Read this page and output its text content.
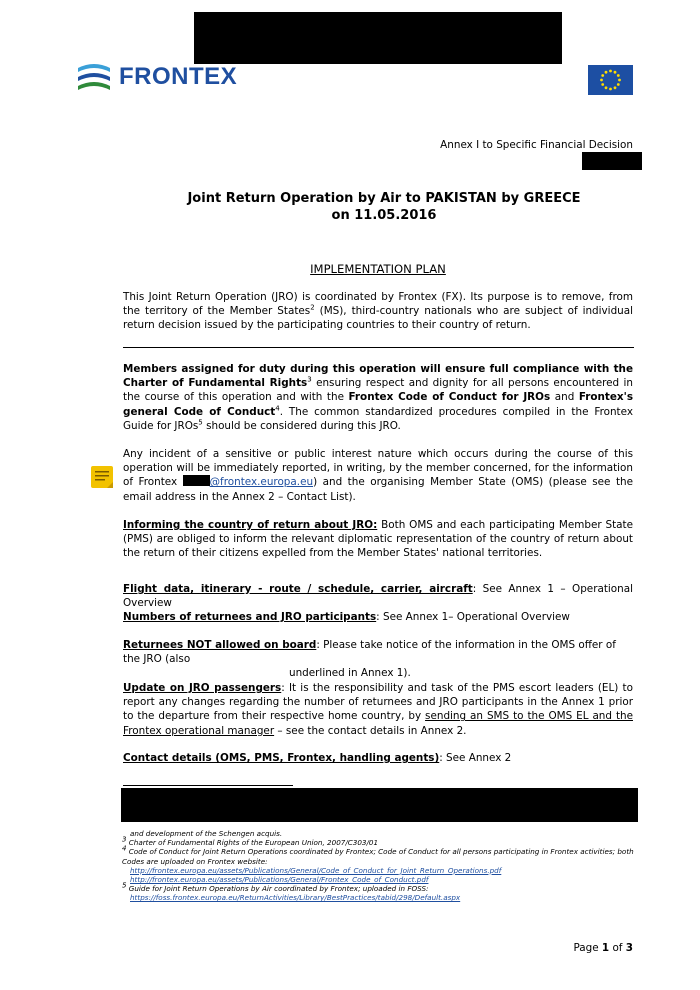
FRONTEX
Annex I to Specific Financial Decision
Joint Return Operation by Air to PAKISTAN by GREECE
on 11.05.2016
IMPLEMENTATION PLAN
This Joint Return Operation (JRO) is coordinated by Frontex (FX). Its purpose is to remove, from the territory of the Member States$^2$ (MS), third-country nationals who are subject of individual return decision issued by the participating countries to their country of return.
Members assigned for duty during this operation will ensure full compliance with the Charter of Fundamental Rights$^3$ ensuring respect and dignity for all persons encountered in the course of this operation and with the Frontex Code of Conduct for JROs and Frontex's general Code of Conduct$^4$. The common standardized procedures compiled in the Frontex Guide for JROs$^5$ should be considered during this JRO.
Any incident of a sensitive or public interest nature which occurs during the course of this operation will be immediately reported, in writing, by the member concerned, for the information of Frontex	@frontex.europa.eu) and the organising Member State (OMS) (please see the email address in the Annex 2 – Contact List).
Informing the country of return about JRO: Both OMS and each participating Member State (PMS) are obliged to inform the relevant diplomatic representation of the country of return about the return of their citizens expelled from the Member States' national territories.
Flight data, itinerary - route / schedule, carrier, aircraft: See Annex 1 – Operational Overview
Numbers of returnees and JRO participants: See Annex 1– Operational Overview
Returnees NOT allowed on board: Please take notice of the information in the OMS offer of the JRO (also
underlined in Annex 1).
Update on JRO passengers: It is the responsibility and task of the PMS escort leaders (EL) to report any changes regarding the number of returnees and JRO participants in the Annex 1 prior to the departure from their respective home country, by sending an SMS to the OMS EL and the Frontex operational manager – see the contact details in Annex 2.
Contact details (OMS, PMS, Frontex, handling agents): See Annex 2
and development of the Schengen acquis.
$^3$ Charter of Fundamental Rights of the European Union, 2007/C303/01
$^4$ Code of Conduct for Joint Return Operations coordinated by Frontex; Code of Conduct for all persons participating in Frontex activities; both Codes are uploaded on Frontex website:
http://frontex.europa.eu/assets/Publications/General/Code_of_Conduct_for_Joint_Return_Operations.pdf
http://frontex.europa.eu/assets/Publications/General/Frontex_Code_of_Conduct.pdf
$^5$ Guide for Joint Return Operations by Air coordinated by Frontex; uploaded in FOSS:
https://foss.frontex.europa.eu/ReturnActivities/Library/BestPractices/tabid/298/Default.aspx
Page 1 of 3
